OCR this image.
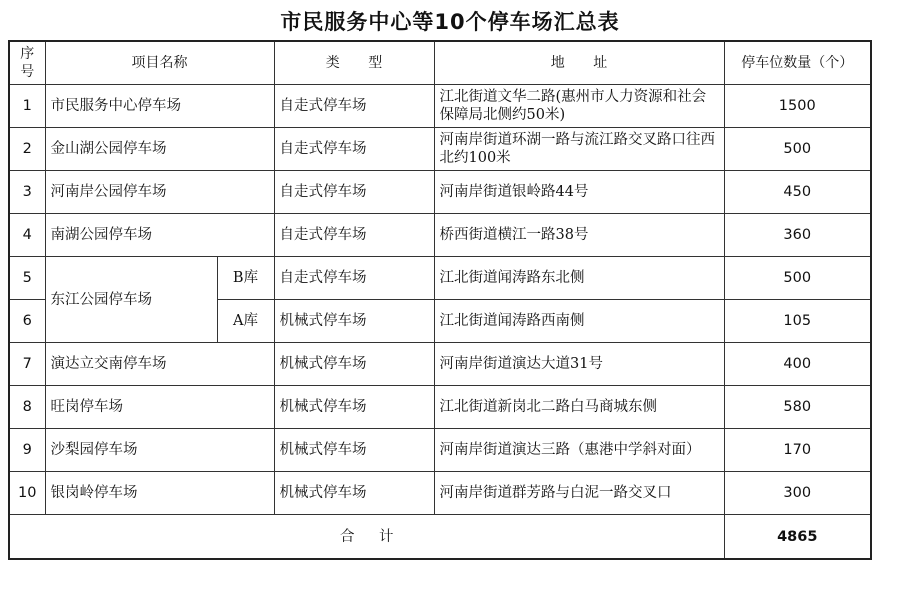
市民服务中心等10个停车场汇总表
序号	项目名称		类 型	地 址	停车位数量（个）
1	市民服务中心停车场		自走式停车场	江北街道文华二路(惠州市人力资源和社会保障局北侧约50米)	1500
2	金山湖公园停车场		自走式停车场	河南岸街道环湖一路与流江路交叉路口往西北约100米	500
3	河南岸公园停车场		自走式停车场	河南岸街道银岭路44号	450
4	南湖公园停车场		自走式停车场	桥西街道横江一路38号	360
5	东江公园停车场	B库	自走式停车场	江北街道闻涛路东北侧	500
6		A库	机械式停车场	江北街道闻涛路西南侧	105
7	演达立交南停车场		机械式停车场	河南岸街道演达大道31号	400
8	旺岗停车场		机械式停车场	江北街道新岗北二路白马商城东侧	580
9	沙梨园停车场		机械式停车场	河南岸街道演达三路（惠港中学斜对面）	170
10	银岗岭停车场		机械式停车场	河南岸街道群芳路与白泥一路交叉口	300
合 计					4865
